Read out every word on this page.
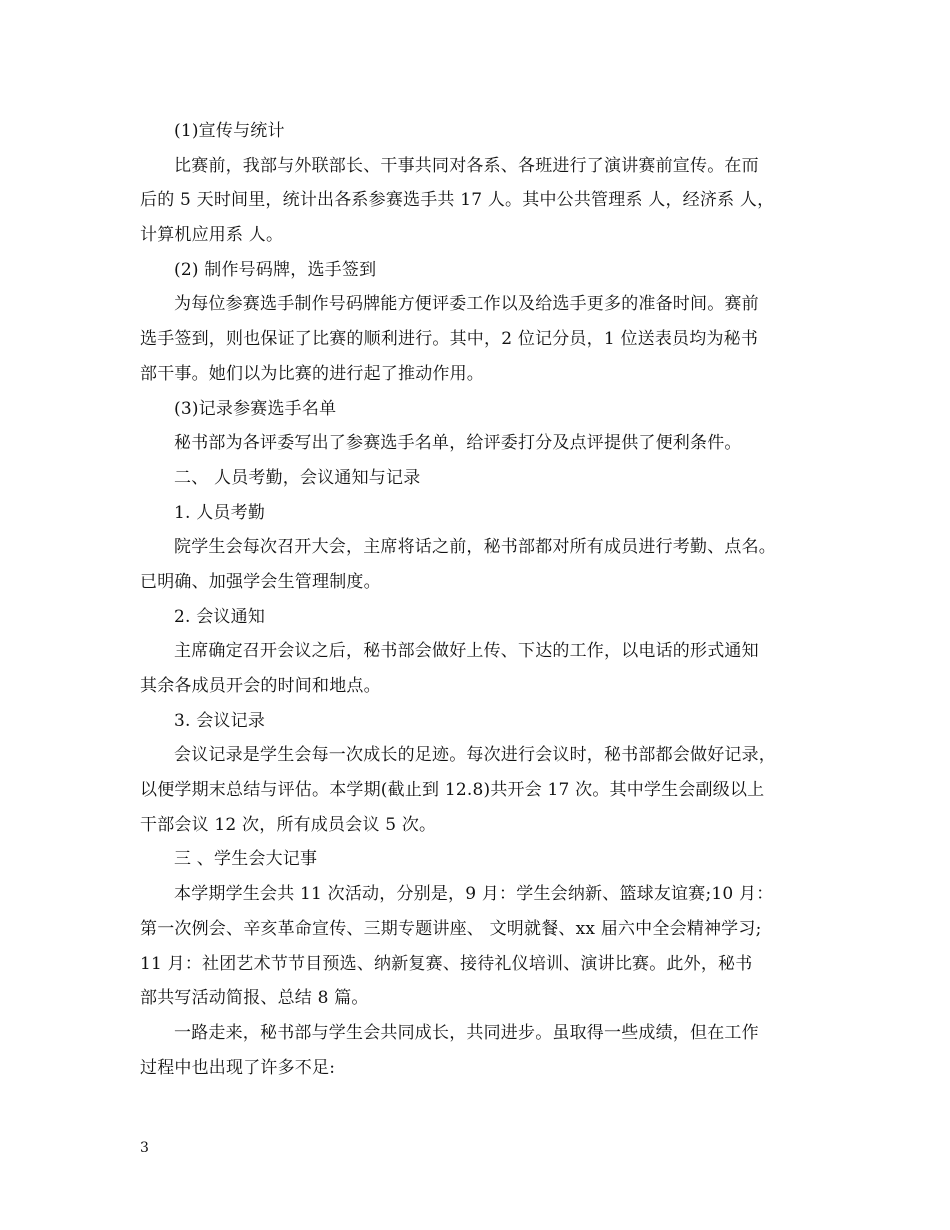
(1)宣传与统计
比赛前，我部与外联部长、干事共同对各系、各班进行了演讲赛前宣传。在而
后的 5 天时间里，统计出各系参赛选手共 17 人。其中公共管理系 人，经济系 人，
计算机应用系 人。
(2) 制作号码牌，选手签到
为每位参赛选手制作号码牌能方便评委工作以及给选手更多的准备时间。赛前
选手签到，则也保证了比赛的顺利进行。其中，2 位记分员，1 位送表员均为秘书
部干事。她们以为比赛的进行起了推动作用。
(3)记录参赛选手名单
秘书部为各评委写出了参赛选手名单，给评委打分及点评提供了便利条件。
二、 人员考勤，会议通知与记录
1. 人员考勤
院学生会每次召开大会，主席将话之前，秘书部都对所有成员进行考勤、点名。
已明确、加强学会生管理制度。
2. 会议通知
主席确定召开会议之后，秘书部会做好上传、下达的工作，以电话的形式通知
其余各成员开会的时间和地点。
3. 会议记录
会议记录是学生会每一次成长的足迹。每次进行会议时，秘书部都会做好记录，
以便学期末总结与评估。本学期(截止到 12.8)共开会 17 次。其中学生会副级以上
干部会议 12 次，所有成员会议 5 次。
三 、学生会大记事
本学期学生会共 11 次活动，分别是，9 月：学生会纳新、篮球友谊赛;10 月：
第一次例会、辛亥革命宣传、三期专题讲座、 文明就餐、xx 届六中全会精神学习;
11 月：社团艺术节节目预选、纳新复赛、接待礼仪培训、演讲比赛。此外，秘书
部共写活动简报、总结 8 篇。
一路走来，秘书部与学生会共同成长，共同进步。虽取得一些成绩，但在工作
过程中也出现了许多不足:
3
